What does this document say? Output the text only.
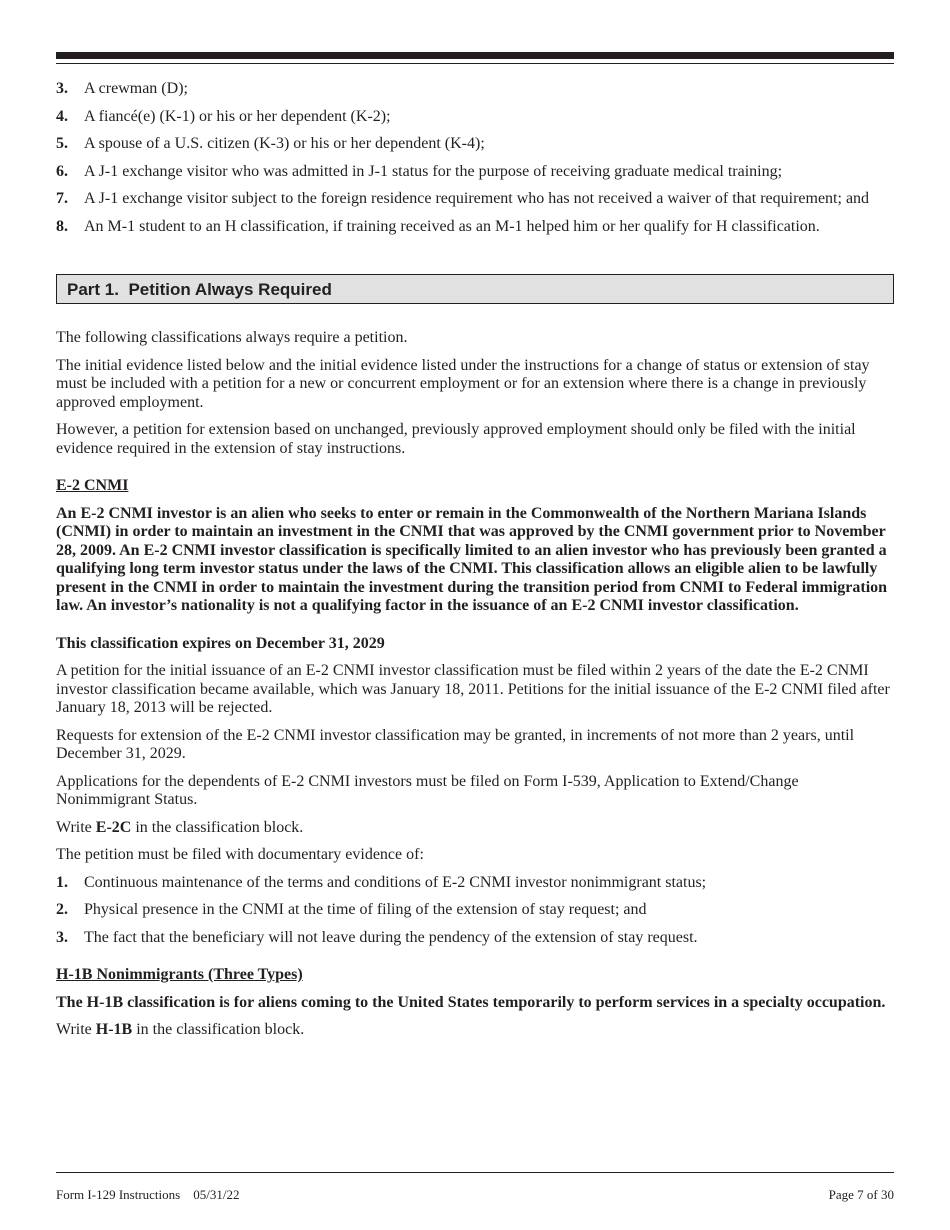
3.	A crewman (D);
4.	A fiancé(e) (K-1) or his or her dependent (K-2);
5.	A spouse of a U.S. citizen (K-3) or his or her dependent (K-4);
6.	A J-1 exchange visitor who was admitted in J-1 status for the purpose of receiving graduate medical training;
7.	A J-1 exchange visitor subject to the foreign residence requirement who has not received a waiver of that requirement; and
8.	An M-1 student to an H classification, if training received as an M-1 helped him or her qualify for H classification.
Part 1. Petition Always Required

The following classifications always require a petition.

The initial evidence listed below and the initial evidence listed under the instructions for a change of status or extension of stay must be included with a petition for a new or concurrent employment or for an extension where there is a change in previously approved employment.

However, a petition for extension based on unchanged, previously approved employment should only be filed with the initial evidence required in the extension of stay instructions.

E-2 CNMI

An E-2 CNMI investor is an alien who seeks to enter or remain in the Commonwealth of the Northern Mariana Islands (CNMI) in order to maintain an investment in the CNMI that was approved by the CNMI government prior to November 28, 2009. An E-2 CNMI investor classification is specifically limited to an alien investor who has previously been granted a qualifying long term investor status under the laws of the CNMI. This classification allows an eligible alien to be lawfully present in the CNMI in order to maintain the investment during the transition period from CNMI to Federal immigration law. An investor’s nationality is not a qualifying factor in the issuance of an E-2 CNMI investor classification.

This classification expires on December 31, 2029

A petition for the initial issuance of an E-2 CNMI investor classification must be filed within 2 years of the date the E-2 CNMI investor classification became available, which was January 18, 2011. Petitions for the initial issuance of the E-2 CNMI filed after January 18, 2013 will be rejected.

Requests for extension of the E-2 CNMI investor classification may be granted, in increments of not more than 2 years, until December 31, 2029.

Applications for the dependents of E-2 CNMI investors must be filed on Form I-539, Application to Extend/Change Nonimmigrant Status.

Write E-2C in the classification block.

The petition must be filed with documentary evidence of:

1.	Continuous maintenance of the terms and conditions of E-2 CNMI investor nonimmigrant status;
2.	Physical presence in the CNMI at the time of filing of the extension of stay request; and
3.	The fact that the beneficiary will not leave during the pendency of the extension of stay request.
H-1B Nonimmigrants (Three Types)

The H-1B classification is for aliens coming to the United States temporarily to perform services in a specialty occupation.

Write H-1B in the classification block.

Form I-129 Instructions 05/31/22	Page 7 of 30
